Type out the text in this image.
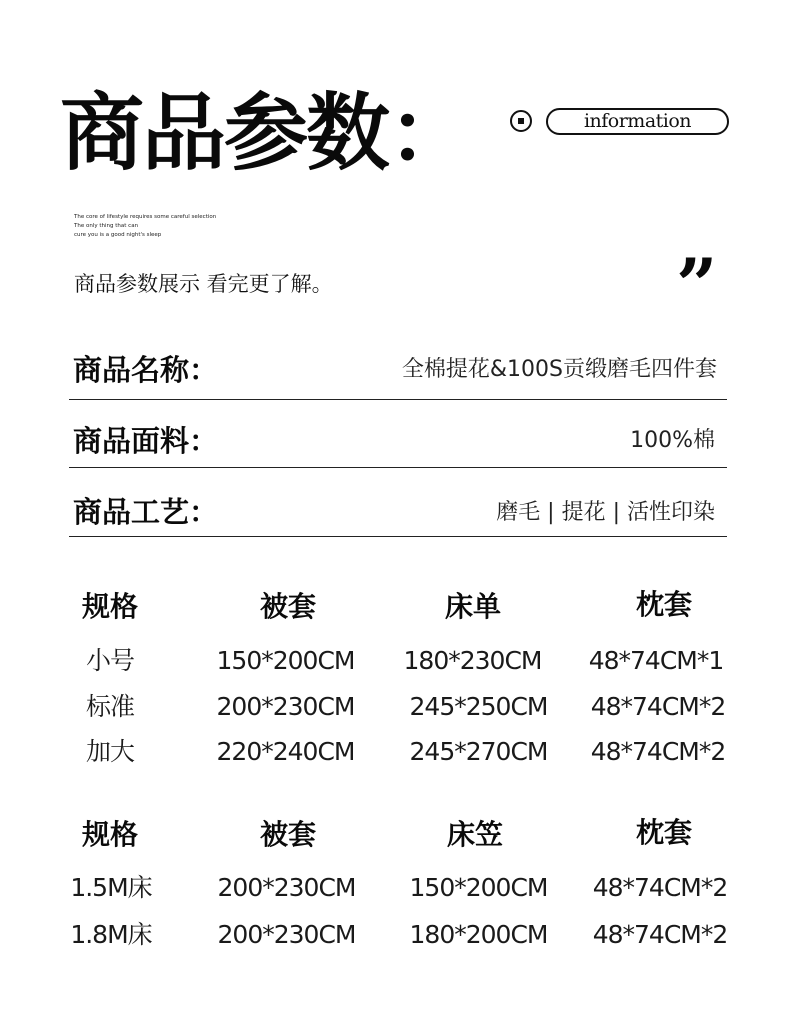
商品参数：	information
The core of lifestyle requires some careful selection
The only thing that can
cure you is a good night's sleep
商品参数展示 看完更了解。	”
商品名称：	全棉提花&100S贡缎磨毛四件套
商品面料：	100%棉
商品工艺：	磨毛 | 提花 | 活性印染
规格	被套	床单	枕套
小号	150*200CM	180*230CM	48*74CM*1
标准	200*230CM	245*250CM	48*74CM*2
加大	220*240CM	245*270CM	48*74CM*2
规格	被套	床笠	枕套
1.5M床	200*230CM	150*200CM	48*74CM*2
1.8M床	200*230CM	180*200CM	48*74CM*2
